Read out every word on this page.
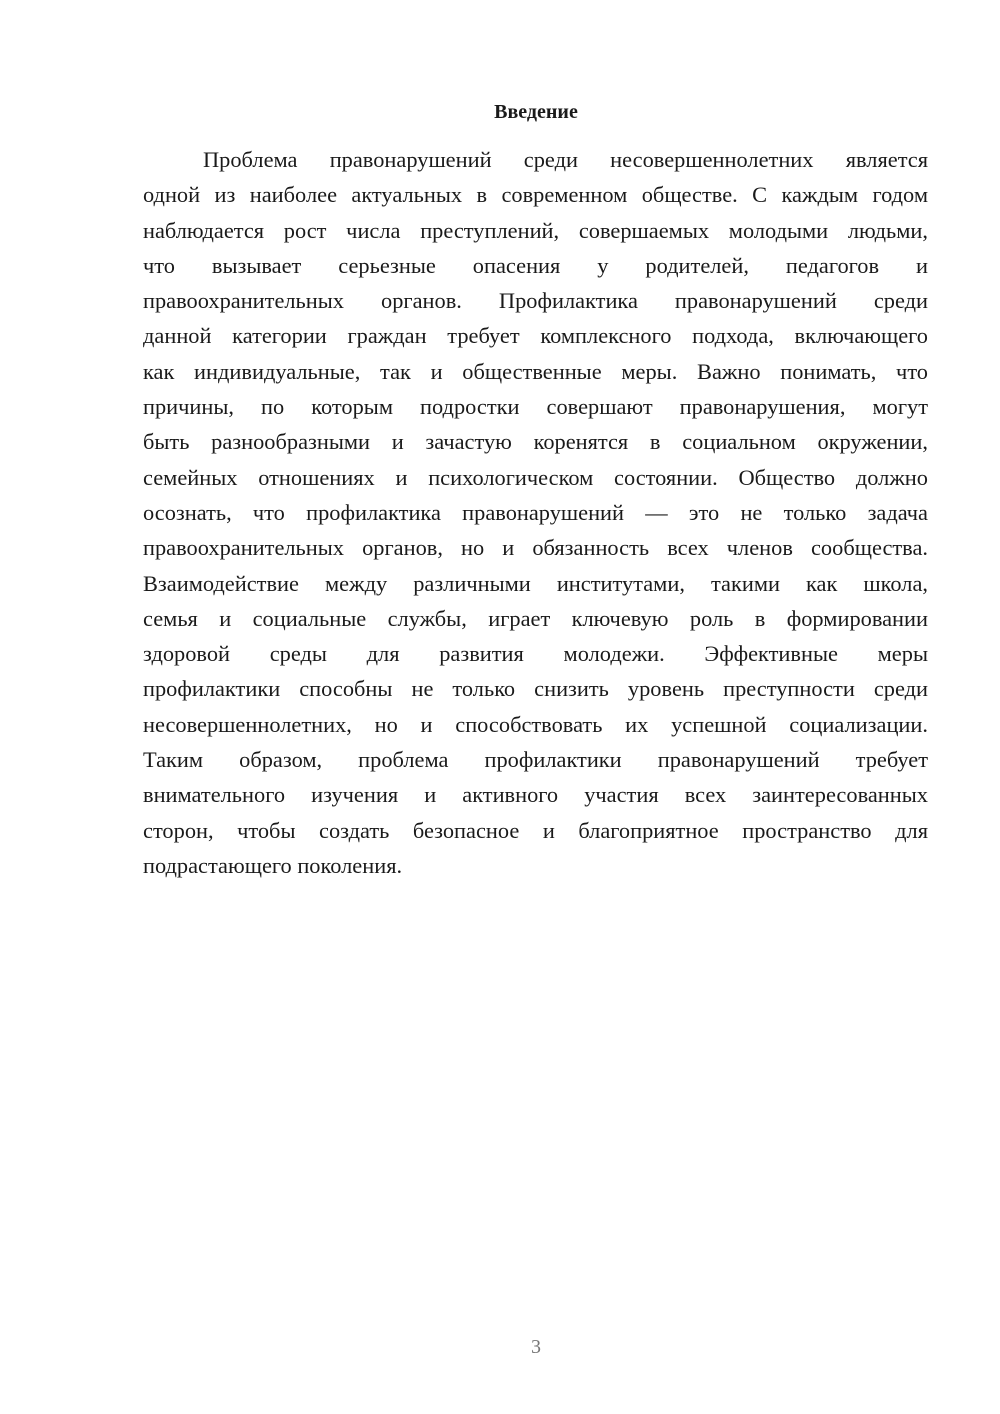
Введение
Проблема правонарушений среди несовершеннолетних является
одной из наиболее актуальных в современном обществе. С каждым годом
наблюдается рост числа преступлений, совершаемых молодыми людьми,
что вызывает серьезные опасения у родителей, педагогов и
правоохранительных органов. Профилактика правонарушений среди
данной категории граждан требует комплексного подхода, включающего
как индивидуальные, так и общественные меры. Важно понимать, что
причины, по которым подростки совершают правонарушения, могут
быть разнообразными и зачастую коренятся в социальном окружении,
семейных отношениях и психологическом состоянии. Общество должно
осознать, что профилактика правонарушений — это не только задача
правоохранительных органов, но и обязанность всех членов сообщества.
Взаимодействие между различными институтами, такими как школа,
семья и социальные службы, играет ключевую роль в формировании
здоровой среды для развития молодежи. Эффективные меры
профилактики способны не только снизить уровень преступности среди
несовершеннолетних, но и способствовать их успешной социализации.
Таким образом, проблема профилактики правонарушений требует
внимательного изучения и активного участия всех заинтересованных
сторон, чтобы создать безопасное и благоприятное пространство для
подрастающего поколения.
3
